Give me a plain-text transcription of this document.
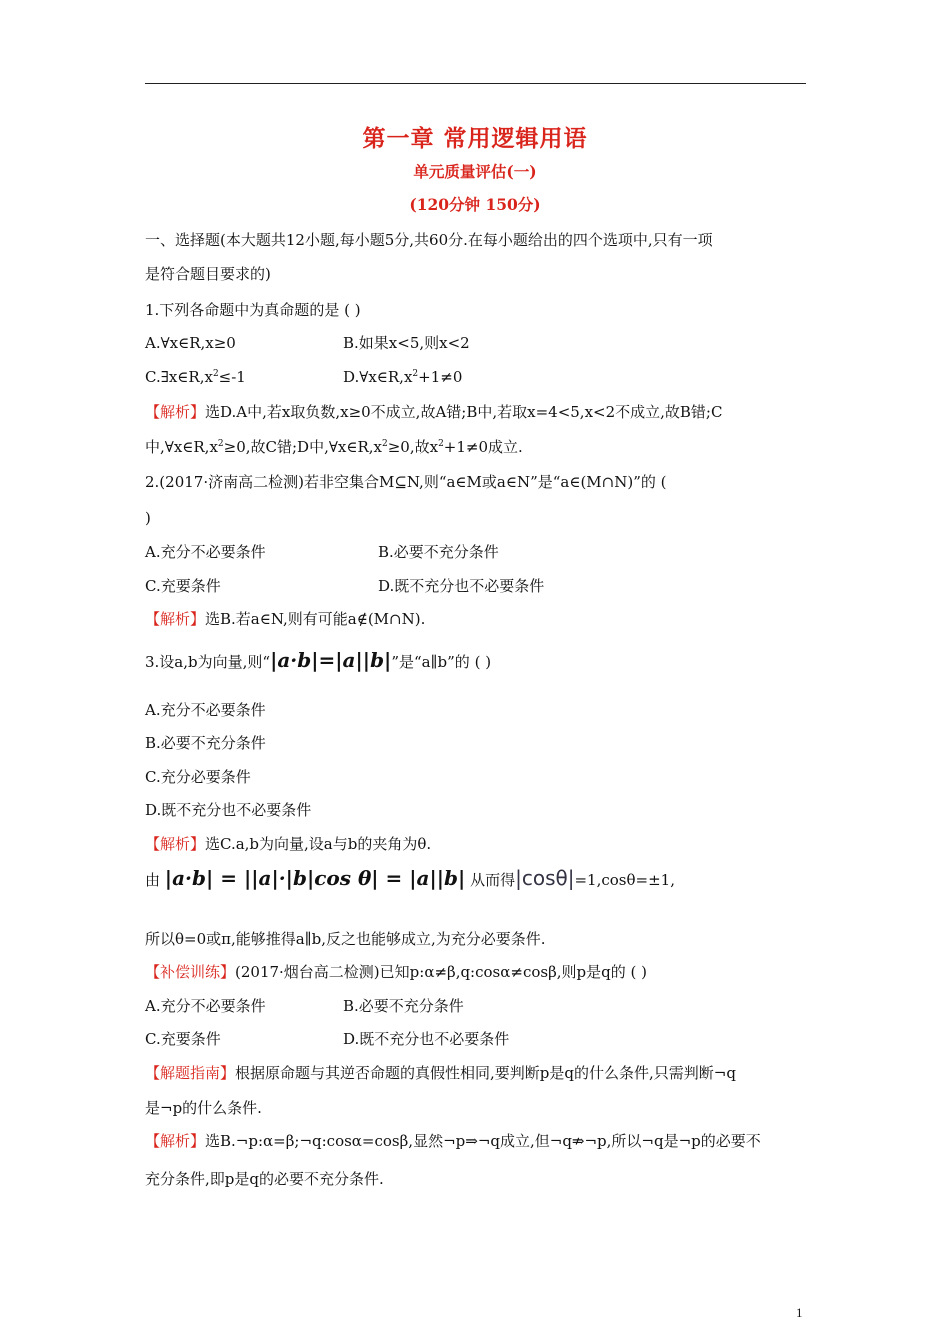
第一章 常用逻辑用语
单元质量评估(一)
(120分钟 150分)
一、选择题(本大题共12小题,每小题5分,共60分.在每小题给出的四个选项中,只有一项
是符合题目要求的)
1.下列各命题中为真命题的是 ( )
A.∀x∈R,x≥0	B.如果x<5,则x<2
$C.\exists x\in R,x^2\le-1$	$D.\forall x\in R,x^2+1\ne 0$
【解析】选D.A中,若x取负数,x≥0不成立,故A错;B中,若取x=4<5,x<2不成立,故B错;C
中$,\forall x\in R,x^2\ge 0$,故C错;D中$,\forall x\in R,x^2\ge 0$,故$x^2+1\ne 0$成立.
2.(2017·济南高二检测)若非空集合M⊆N,则“a∈M或a∈N”是“a∈(M∩N)”的 (
)
A.充分不必要条件	B.必要不充分条件
C.充要条件	D.既不充分也不必要条件
【解析】选B.若a∈N,则有可能a∉(M∩N).
3.设a,b为向量,则“|a·b|=|a||b|”是“a∥b”的 ( )
A.充分不必要条件
B.必要不充分条件
C.充分必要条件
D.既不充分也不必要条件
【解析】选C.a,b为向量,设a与b的夹角为θ.
由 |a·b| = ||a|·|b|cos θ| = |a||b| 从而得|cosθ|=1,cosθ=±1,
所以θ=0或π,能够推得a∥b,反之也能够成立,为充分必要条件.
【补偿训练】(2017·烟台高二检测)已知p:α≠β,q:cosα≠cosβ,则p是q的 ( )
A.充分不必要条件	B.必要不充分条件
C.充要条件	D.既不充分也不必要条件
【解题指南】根据原命题与其逆否命题的真假性相同,要判断p是q的什么条件,只需判断¬q
是¬p的什么条件.
【解析】选B.¬p:α=β;¬q:cosα=cosβ,显然¬p⇒¬q成立,但¬q⇏¬p,所以¬q是¬p的必要不
充分条件,即p是q的必要不充分条件.
1
